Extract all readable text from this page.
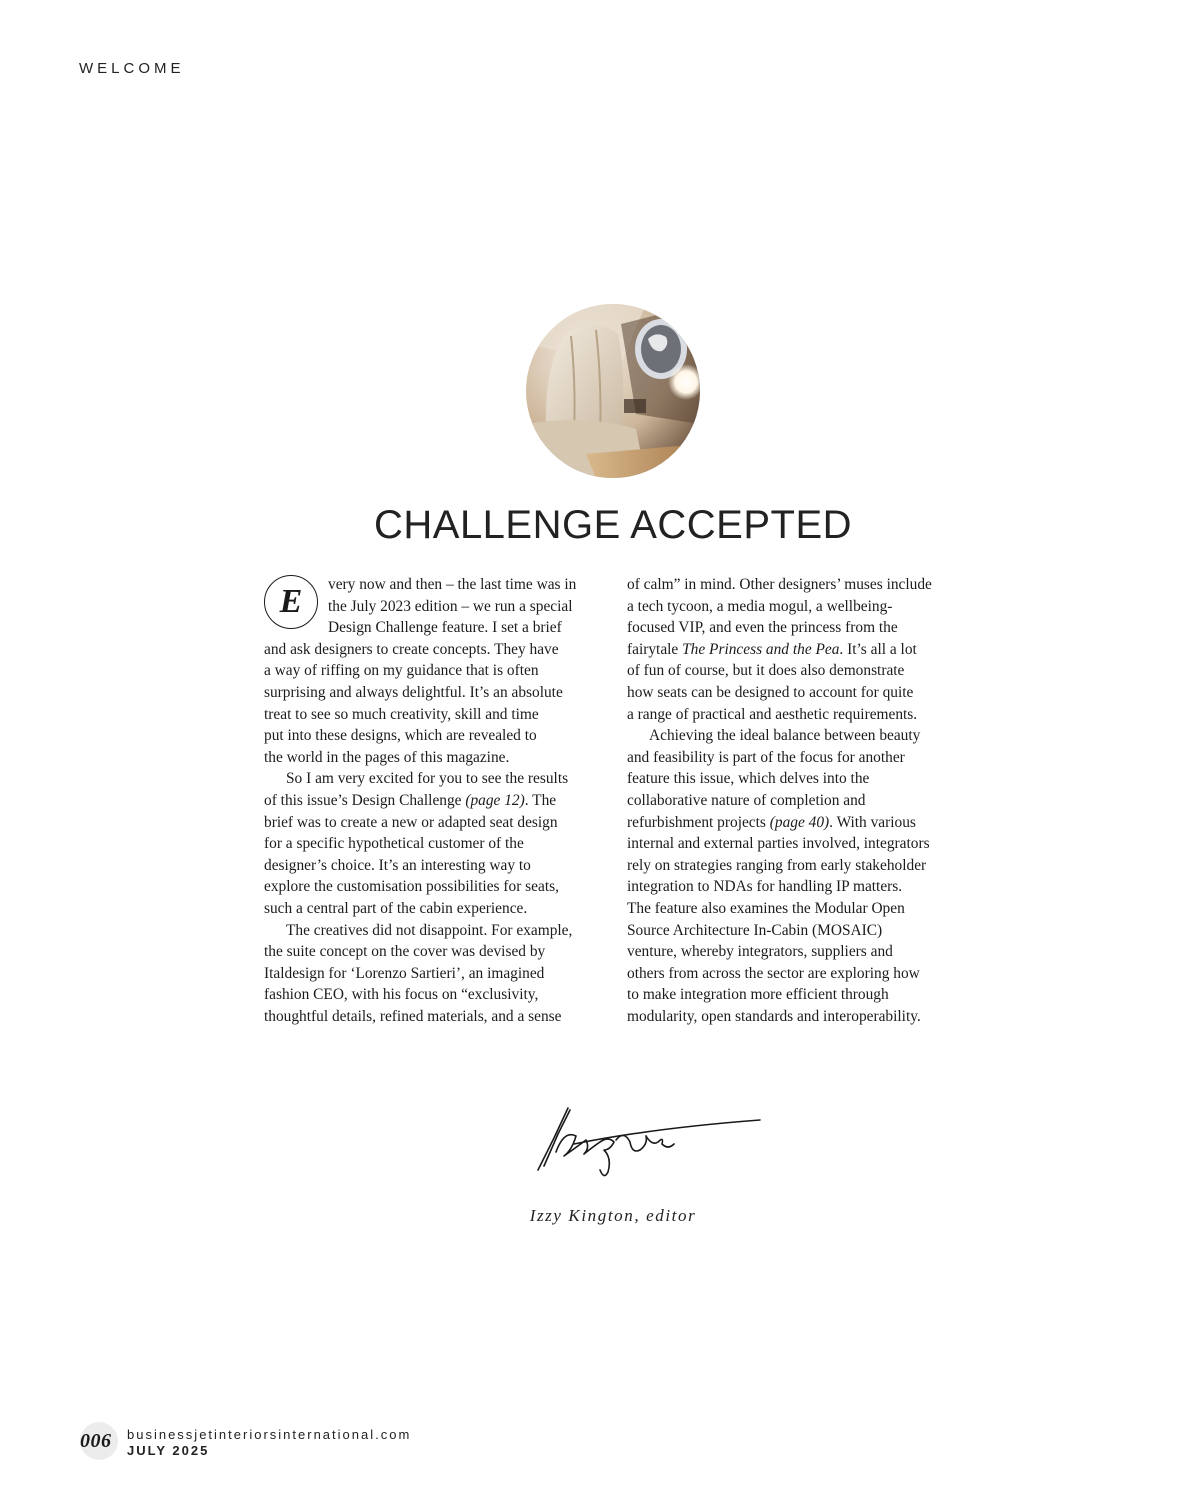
WELCOME
CHALLENGE ACCEPTED
E	very now and then – the last time was in
the July 2023 edition – we run a special
Design Challenge feature. I set a brief
and ask designers to create concepts. They have
a way of riffing on my guidance that is often
surprising and always delightful. It’s an absolute
treat to see so much creativity, skill and time
put into these designs, which are revealed to
the world in the pages of this magazine.
So I am very excited for you to see the results
of this issue’s Design Challenge (page 12). The
brief was to create a new or adapted seat design
for a specific hypothetical customer of the
designer’s choice. It’s an interesting way to
explore the customisation possibilities for seats,
such a central part of the cabin experience.
The creatives did not disappoint. For example,
the suite concept on the cover was devised by
Italdesign for ‘Lorenzo Sartieri’, an imagined
fashion CEO, with his focus on “exclusivity,
thoughtful details, refined materials, and a sense
of calm” in mind. Other designers’ muses include
a tech tycoon, a media mogul, a wellbeing-
focused VIP, and even the princess from the
fairytale The Princess and the Pea. It’s all a lot
of fun of course, but it does also demonstrate
how seats can be designed to account for quite
a range of practical and aesthetic requirements.
Achieving the ideal balance between beauty
and feasibility is part of the focus for another
feature this issue, which delves into the
collaborative nature of completion and
refurbishment projects (page 40). With various
internal and external parties involved, integrators
rely on strategies ranging from early stakeholder
integration to NDAs for handling IP matters.
The feature also examines the Modular Open
Source Architecture In-Cabin (MOSAIC)
venture, whereby integrators, suppliers and
others from across the sector are exploring how
to make integration more efficient through
modularity, open standards and interoperability.
Izzy Kington, editor
006 businessjetinteriorsinternational.com
JULY 2025
